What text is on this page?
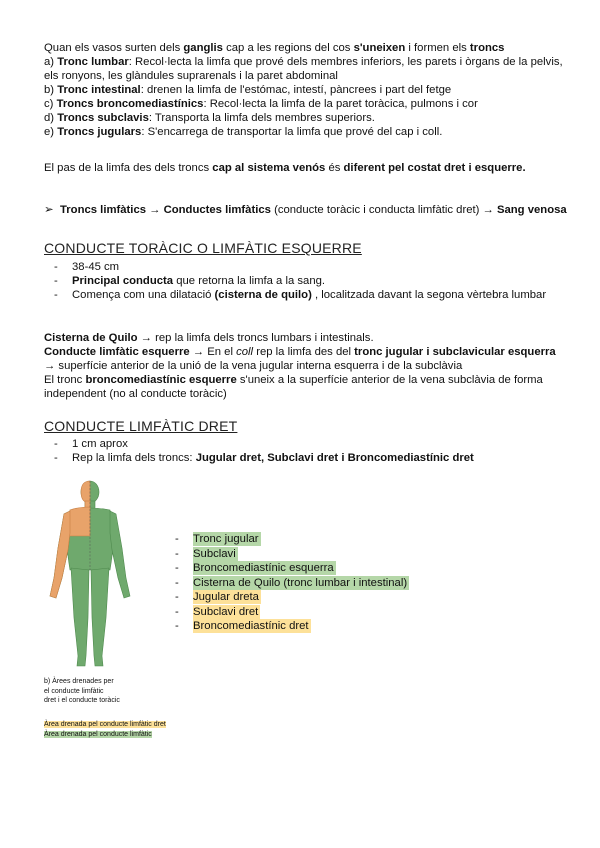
Quan els vasos surten dels ganglis cap a les regions del cos s'uneixen i formen els troncs

a) Tronc lumbar: Recol·lecta la limfa que prové dels membres inferiors, les parets i òrgans de la pelvis, els ronyons, les glàndules suprarenals i la paret abdominal

b) Tronc intestinal: drenen la limfa de l'estómac, intestí, pàncrees i part del fetge

c) Troncs broncomediastínics: Recol·lecta la limfa de la paret toràcica, pulmons i cor

d) Troncs subclavis: Transporta la limfa dels membres superiors.

e) Troncs jugulars: S'encarrega de transportar la limfa que prové del cap i coll.

El pas de la limfa des dels troncs cap al sistema venós és diferent pel costat dret i esquerre.

➢ Troncs limfàtics → Conductes limfàtics (conducte toràcic i conducta limfàtic dret) → Sang venosa
CONDUCTE TORÀCIC O LIMFÀTIC ESQUERRE
- 38-45 cm
- Principal conducta que retorna la limfa a la sang.
- Comença com una dilatació (cisterna de quilo) , localitzada davant la segona vèrtebra lumbar

Cisterna de Quilo → rep la limfa dels troncs lumbars i intestinals.

Conducte limfàtic esquerre → En el coll rep la limfa des del tronc jugular i subclavicular esquerra → superfície anterior de la unió de la vena jugular interna esquerra i de la subclàvia

El tronc broncomediastínic esquerre s'uneix a la superfície anterior de la vena subclàvia de forma independent (no al conducte toràcic)

CONDUCTE LIMFÀTIC DRET
- 1 cm aprox
- Rep la limfa dels troncs: Jugular dret, Subclavi dret i Broncomediastínic dret
- Tronc jugular
- Subclavi
- Broncomediastínic esquerra
- Cisterna de Quilo (tronc lumbar i intestinal)
- Jugular dreta
- Subclavi dret
- Broncomediastínic dret
b) Àrees drenades per
el conducte limfàtic
dret i el conducte toràcic
Àrea drenada pel conducte limfàtic dret
Àrea drenada pel conducte limfàtic
